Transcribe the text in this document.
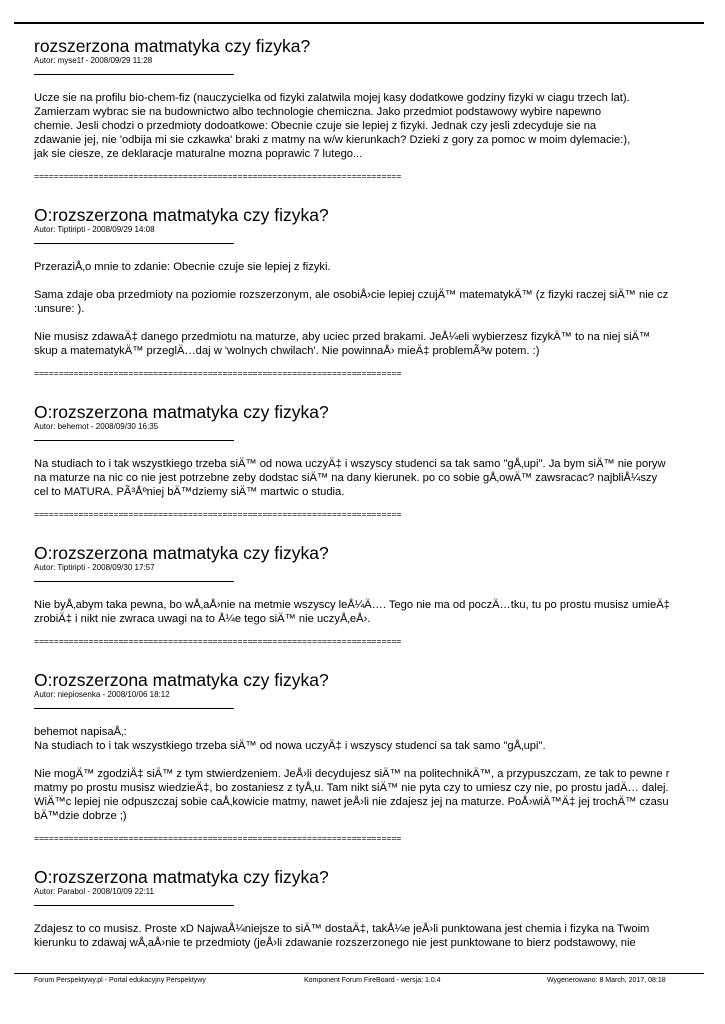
rozszerzona matmatyka czy fizyka?
Autor: myse1f - 2008/09/29 11:28

Ucze sie na profilu bio-chem-fiz (nauczycielka od fizyki zalatwila mojej kasy dodatkowe godziny fizyki w ciagu trzech lat).
Zamierzam wybrac sie na budownictwo albo technologie chemiczna. Jako przedmiot podstawowy wybire napewno
chemie. Jesli chodzi o przedmioty dodoatkowe: Obecnie czuje sie lepiej z fizyki. Jednak czy jesli zdecyduje sie na
zdawanie jej, nie 'odbija mi sie czkawka' braki z matmy na w/w kierunkach? Dzieki z gory za pomoc w moim dylemacie:),
jak sie ciesze, ze deklaracje maturalne mozna poprawic 7 lutego...

==========================================================================
O:rozszerzona matmatyka czy fizyka?
Autor: Tiptiripti - 2008/09/29 14:08

PrzeraziÅ‚o mnie to zdanie: Obecnie czuje sie lepiej z fizyki.

Sama zdaje oba przedmioty na poziomie rozszerzonym, ale osobiÅ›cie lepiej czujÄ™ matematykÄ™ (z fizyki raczej siÄ™ nie cz
:unsure: ).

Nie musisz zdawaÄ‡ danego przedmiotu na maturze, aby uciec przed brakami. JeÅ¼eli wybierzesz fizykÄ™ to na niej siÄ™
skup a matematykÄ™ przeglÄ…daj w 'wolnych chwilach'. Nie powinnaÅ› mieÄ‡ problemÃ³w potem. :)

==========================================================================
O:rozszerzona matmatyka czy fizyka?
Autor: behemot - 2008/09/30 16:35

Na studiach to i tak wszystkiego trzeba siÄ™ od nowa uczyÄ‡ i wszyscy studenci sa tak samo "gÅ‚upi". Ja bym siÄ™ nie poryw
na maturze na nic co nie jest potrzebne zeby dodstac siÄ™ na dany kierunek. po co sobie gÅ‚owÄ™ zawsracac? najbliÅ¼szy
cel to MATURA. PÃ³Åºniej bÄ™dziemy siÄ™ martwic o studia.

==========================================================================
O:rozszerzona matmatyka czy fizyka?
Autor: Tiptiripti - 2008/09/30 17:57

Nie byÅ‚abym taka pewna, bo wÅ‚aÅ›nie na metmie wszyscy leÅ¼Ä…. Tego nie ma od poczÄ…tku, tu po prostu musisz umieÄ‡
zrobiÄ‡ i nikt nie zwraca uwagi na to Å¼e tego siÄ™ nie uczyÅ‚eÅ›.

==========================================================================
O:rozszerzona matmatyka czy fizyka?
Autor: niepiosenka - 2008/10/06 18:12

behemot napisaÅ‚:
Na studiach to i tak wszystkiego trzeba siÄ™ od nowa uczyÄ‡ i wszyscy studenci sa tak samo "gÅ‚upi".

Nie mogÄ™ zgodziÄ‡ siÄ™ z tym stwierdzeniem. JeÅ›li decydujesz siÄ™ na politechnikÄ™, a przypuszczam, ze tak to pewne r
matmy po prostu musisz wiedzieÄ‡, bo zostaniesz z tyÅ‚u. Tam nikt siÄ™ nie pyta czy to umiesz czy nie, po prostu jadÄ… dalej.
WiÄ™c lepiej nie odpuszczaj sobie caÅ‚kowicie matmy, nawet jeÅ›li nie zdajesz jej na maturze. PoÅ›wiÄ™Ä‡ jej trochÄ™ czasu
bÄ™dzie dobrze ;)

==========================================================================
O:rozszerzona matmatyka czy fizyka?
Autor: Parabol - 2008/10/09 22:11

Zdajesz to co musisz. Proste xD NajwaÅ¼niejsze to siÄ™ dostaÄ‡, takÅ¼e jeÅ›li punktowana jest chemia i fizyka na Twoim
kierunku to zdawaj wÅ‚aÅ›nie te przedmioty (jeÅ›li zdawanie rozszerzonego nie jest punktowane to bierz podstawowy, nie

Forum Perspektywy.pl - Portal edukacyjny Perspektywy	Komponent Forum FireBoard - wersja: 1.0.4	Wygenerowano: 8 March, 2017, 08:18
